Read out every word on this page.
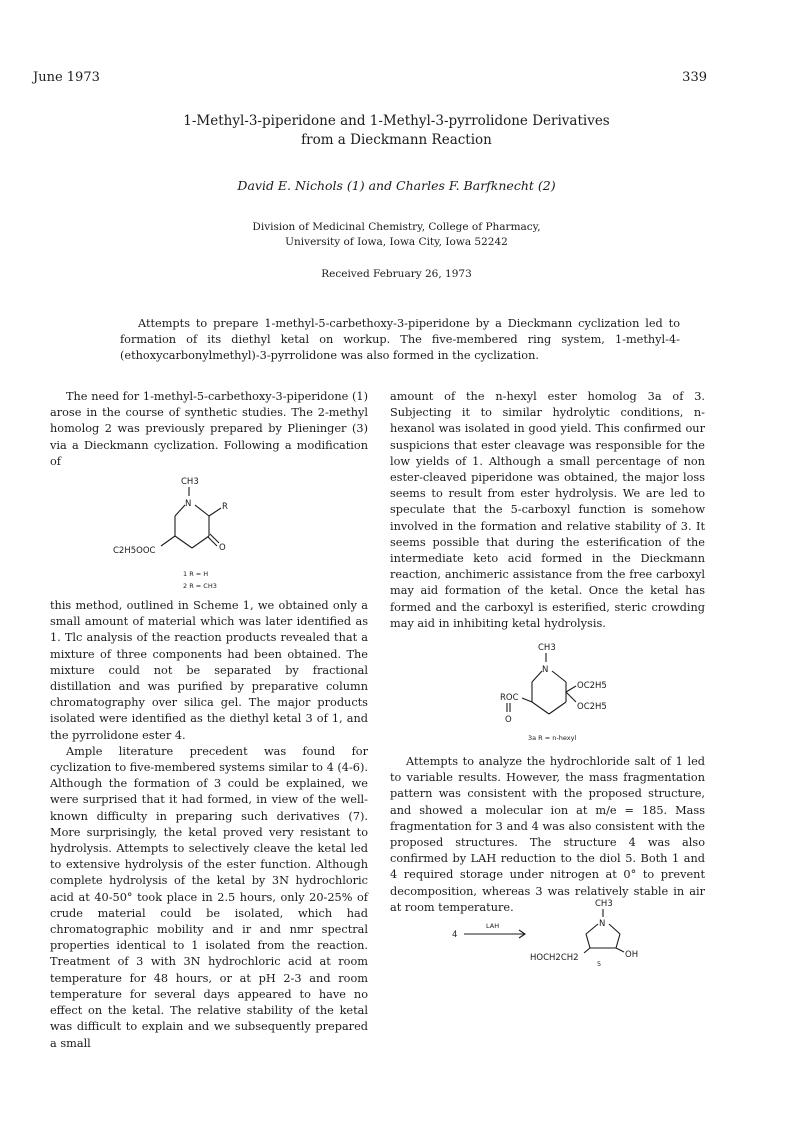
June 1973	339
1-Methyl-3-piperidone and 1-Methyl-3-pyrrolidone Derivatives
from a Dieckmann Reaction
David E. Nichols (1) and Charles F. Barfknecht (2)
Division of Medicinal Chemistry, College of Pharmacy,
University of Iowa, Iowa City, Iowa 52242
Received February 26, 1973
Attempts to prepare 1-methyl-5-carbethoxy-3-piperidone by a Dieckmann cyclization led to formation of its diethyl ketal on workup. The five-membered ring system, 1-methyl-4-(ethoxycarbonylmethyl)-3-pyrrolidone was also formed in the cyclization.

The need for 1-methyl-5-carbethoxy-3-piperidone (1) arose in the course of synthetic studies. The 2-methyl homolog 2 was previously prepared by Plieninger (3) via a Dieckmann cyclization. Following a modification of

CH3
N	R
O
C2H5OOC
1 R = H
2 R = CH3

this method, outlined in Scheme 1, we obtained only a small amount of material which was later identified as 1. Tlc analysis of the reaction products revealed that a mixture of three components had been obtained. The mixture could not be separated by fractional distillation and was purified by preparative column chromatography over silica gel. The major products isolated were identified as the diethyl ketal 3 of 1, and the pyrrolidone ester 4.

Ample literature precedent was found for cyclization to five-membered systems similar to 4 (4-6). Although the formation of 3 could be explained, we were surprised that it had formed, in view of the well-known difficulty in preparing such derivatives (7). More surprisingly, the ketal proved very resistant to hydrolysis. Attempts to selectively cleave the ketal led to extensive hydrolysis of the ester function. Although complete hydrolysis of the ketal by 3N hydrochloric acid at 40-50° took place in 2.5 hours, only 20-25% of crude material could be isolated, which had chromatographic mobility and ir and nmr spectral properties identical to 1 isolated from the reaction. Treatment of 3 with 3N hydrochloric acid at room temperature for 48 hours, or at pH 2-3 and room temperature for several days appeared to have no effect on the ketal. The relative stability of the ketal was difficult to explain and we subsequently prepared a small

amount of the n-hexyl ester homolog 3a of 3. Subjecting it to similar hydrolytic conditions, n-hexanol was isolated in good yield. This confirmed our suspicions that ester cleavage was responsible for the low yields of 1. Although a small percentage of non ester-cleaved piperidone was obtained, the major loss seems to result from ester hydrolysis. We are led to speculate that the 5-carboxyl function is somehow involved in the formation and relative stability of 3. It seems possible that during the esterification of the intermediate keto acid formed in the Dieckmann reaction, anchimeric assistance from the free carboxyl may aid formation of the ketal. Once the ketal has formed and the carboxyl is esterified, steric crowding may aid in inhibiting ketal hydrolysis.

CH3
N
OC2H5
OC2H5
ROC
O
3a R = n-hexyl

Attempts to analyze the hydrochloride salt of 1 led to variable results. However, the mass fragmentation pattern was consistent with the proposed structure, and showed a molecular ion at m/e = 185. Mass fragmentation for 3 and 4 was also consistent with the proposed structures. The structure 4 was also confirmed by LAH reduction to the diol 5. Both 1 and 4 required storage under nitrogen at 0° to prevent decomposition, whereas 3 was relatively stable in air at room temperature.

4
LAH
CH3
N
OH
HOCH2CH2
5
